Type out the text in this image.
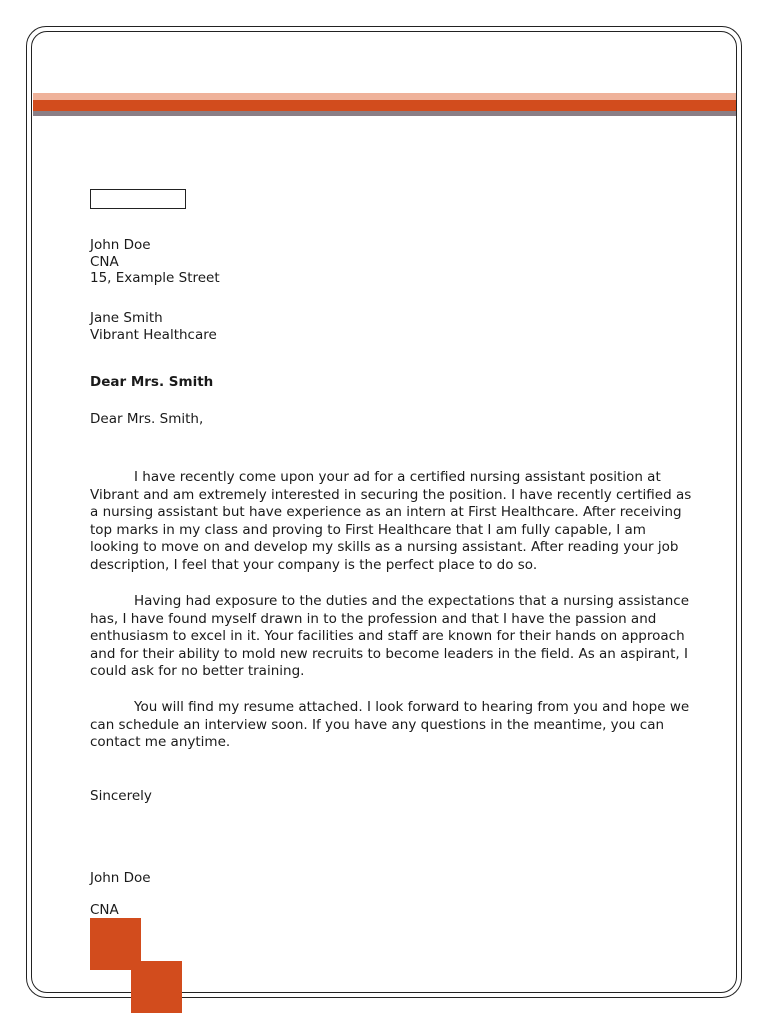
John Doe
CNA
15, Example Street
Jane Smith
Vibrant Healthcare
Dear Mrs. Smith
Dear Mrs. Smith,
I have recently come upon your ad for a certified nursing assistant position at Vibrant and am extremely interested in securing the position. I have recently certified as a nursing assistant but have experience as an intern at First Healthcare. After receiving top marks in my class and proving to First Healthcare that I am fully capable, I am looking to move on and develop my skills as a nursing assistant. After reading your job description, I feel that your company is the perfect place to do so.
Having had exposure to the duties and the expectations that a nursing assistance has, I have found myself drawn in to the profession and that I have the passion and enthusiasm to excel in it. Your facilities and staff are known for their hands on approach and for their ability to mold new recruits to become leaders in the field. As an aspirant, I could ask for no better training.
You will find my resume attached. I look forward to hearing from you and hope we can schedule an interview soon. If you have any questions in the meantime, you can contact me anytime.
Sincerely
John Doe
CNA
